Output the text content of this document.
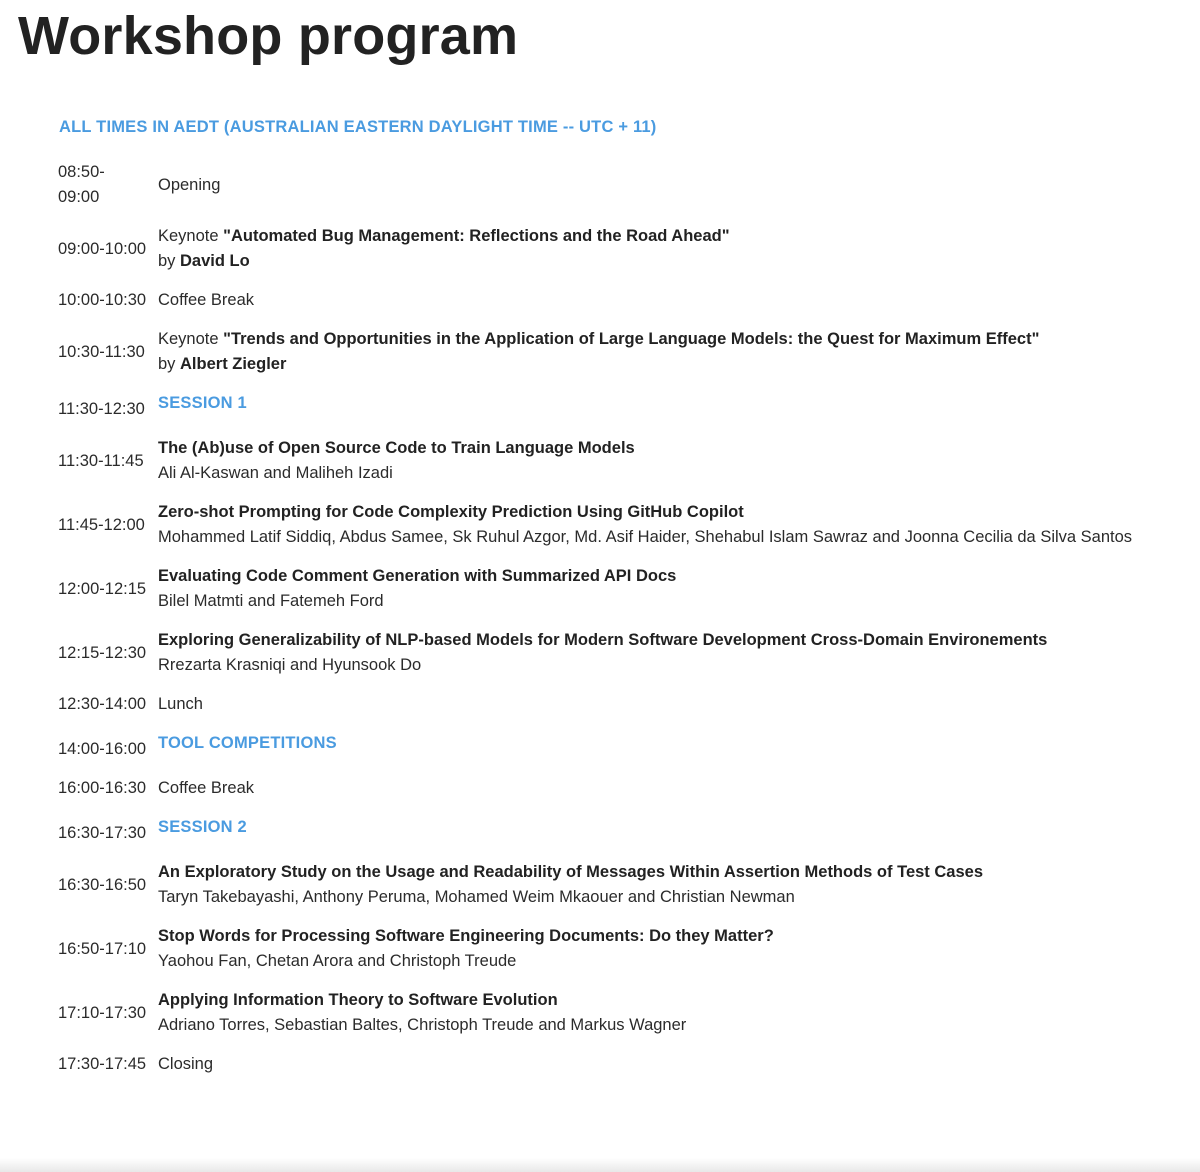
Workshop program

ALL TIMES IN AEDT (AUSTRALIAN EASTERN DAYLIGHT TIME -- UTC + 11)

08:50-
09:00
Opening
09:00-10:00
Keynote "Automated Bug Management: Reflections and the Road Ahead"
by David Lo
10:00-10:30 Coffee Break
10:30-11:30
Keynote "Trends and Opportunities in the Application of Large Language Models: the Quest for Maximum Effect"
by Albert Ziegler
11:30-12:30 SESSION 1
11:30-11:45
The (Ab)use of Open Source Code to Train Language Models
Ali Al-Kaswan and Maliheh Izadi
11:45-12:00
Zero-shot Prompting for Code Complexity Prediction Using GitHub Copilot
Mohammed Latif Siddiq, Abdus Samee, Sk Ruhul Azgor, Md. Asif Haider, Shehabul Islam Sawraz and Joonna Cecilia da Silva Santos
12:00-12:15
Evaluating Code Comment Generation with Summarized API Docs
Bilel Matmti and Fatemeh Ford
12:15-12:30
Exploring Generalizability of NLP-based Models for Modern Software Development Cross-Domain Environements
Rrezarta Krasniqi and Hyunsook Do
12:30-14:00 Lunch
14:00-16:00 TOOL COMPETITIONS
16:00-16:30 Coffee Break
16:30-17:30 SESSION 2
16:30-16:50
An Exploratory Study on the Usage and Readability of Messages Within Assertion Methods of Test Cases
Taryn Takebayashi, Anthony Peruma, Mohamed Weim Mkaouer and Christian Newman
16:50-17:10
Stop Words for Processing Software Engineering Documents: Do they Matter?
Yaohou Fan, Chetan Arora and Christoph Treude
17:10-17:30
Applying Information Theory to Software Evolution
Adriano Torres, Sebastian Baltes, Christoph Treude and Markus Wagner
17:30-17:45 Closing
